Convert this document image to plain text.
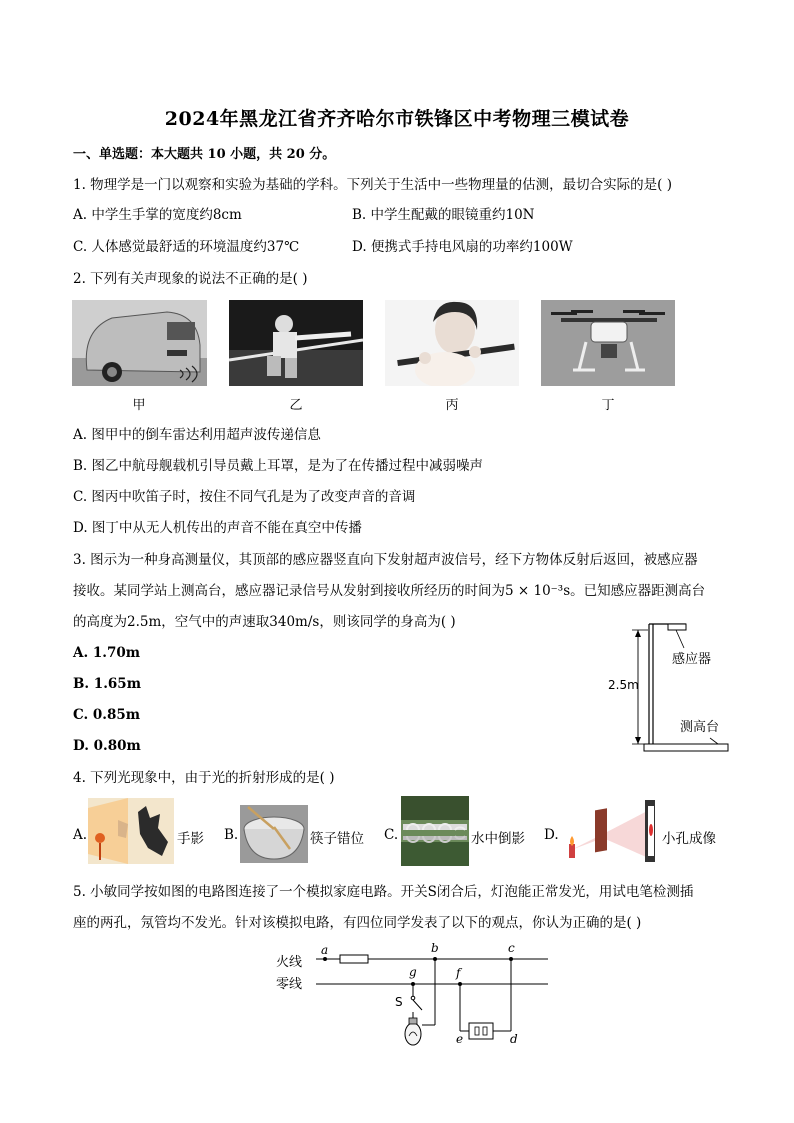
2024年黑龙江省齐齐哈尔市铁锋区中考物理三模试卷
一、单选题：本大题共 10 小题，共 20 分。
1. 物理学是一门以观察和实验为基础的学科。下列关于生活中一些物理量的估测，最切合实际的是( )
A. 中学生手掌的宽度约8cm	B. 中学生配戴的眼镜重约10N
C. 人体感觉最舒适的环境温度约37℃	D. 便携式手持电风扇的功率约100W
2. 下列有关声现象的说法不正确的是( )
甲	乙	丙	丁
A. 图甲中的倒车雷达利用超声波传递信息
B. 图乙中航母舰载机引导员戴上耳罩，是为了在传播过程中减弱噪声
C. 图丙中吹笛子时，按住不同气孔是为了改变声音的音调
D. 图丁中从无人机传出的声音不能在真空中传播
3. 图示为一种身高测量仪，其顶部的感应器竖直向下发射超声波信号，经下方物体反射后返回，被感应器
接收。某同学站上测高台，感应器记录信号从发射到接收所经历的时间为5 × 10⁻³s。已知感应器距测高台
的高度为2.5m，空气中的声速取340m/s，则该同学的身高为( )
A. 1.70m
B. 1.65m
C. 0.85m
D. 0.80m
感应器
2.5m
测高台
4. 下列光现象中，由于光的折射形成的是( )
A.	手影 B.	筷子错位 C.	水中倒影 D.	小孔成像
5. 小敏同学按如图的电路图连接了一个模拟家庭电路。开关S闭合后，灯泡能正常发光，用试电笔检测插
座的两孔，氖管均不发光。针对该模拟电路，有四位同学发表了以下的观点，你认为正确的是( )
火线
零线
a	b	c
g	f
S
e	d
